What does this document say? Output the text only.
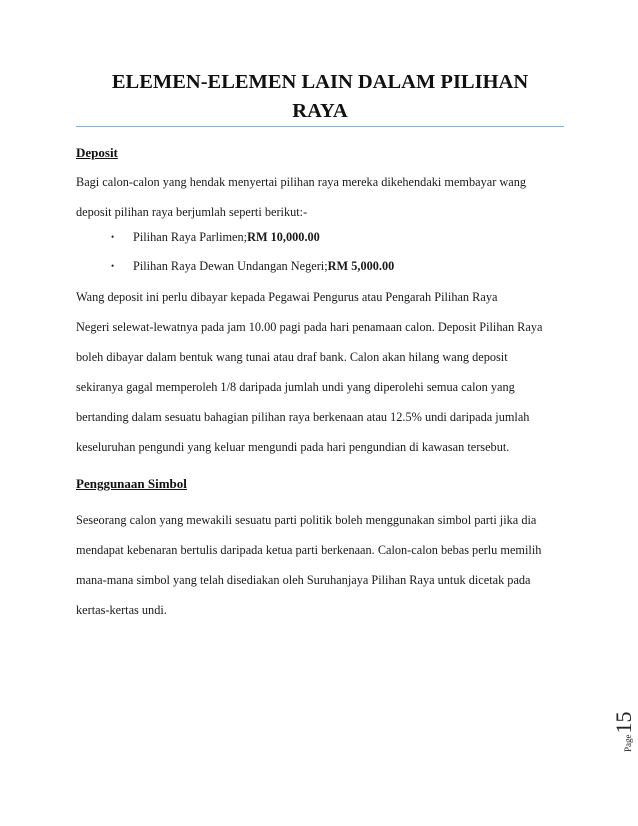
ELEMEN-ELEMEN LAIN DALAM PILIHAN
RAYA
Deposit
Bagi calon-calon yang hendak menyertai pilihan raya mereka dikehendaki membayar wang
deposit pilihan raya berjumlah seperti berikut:-
• Pilihan Raya Parlimen;RM 10,000.00
• Pilihan Raya Dewan Undangan Negeri;RM 5,000.00
Wang deposit ini perlu dibayar kepada Pegawai Pengurus atau Pengarah Pilihan Raya
Negeri selewat-lewatnya pada jam 10.00 pagi pada hari penamaan calon. Deposit Pilihan Raya
boleh dibayar dalam bentuk wang tunai atau draf bank. Calon akan hilang wang deposit
sekiranya gagal memperoleh 1/8 daripada jumlah undi yang diperolehi semua calon yang
bertanding dalam sesuatu bahagian pilihan raya berkenaan atau 12.5% undi daripada jumlah
keseluruhan pengundi yang keluar mengundi pada hari pengundian di kawasan tersebut.
Penggunaan Simbol
Seseorang calon yang mewakili sesuatu parti politik boleh menggunakan simbol parti jika dia
mendapat kebenaran bertulis daripada ketua parti berkenaan. Calon-calon bebas perlu memilih
mana-mana simbol yang telah disediakan oleh Suruhanjaya Pilihan Raya untuk dicetak pada
kertas-kertas undi.
Page
15
